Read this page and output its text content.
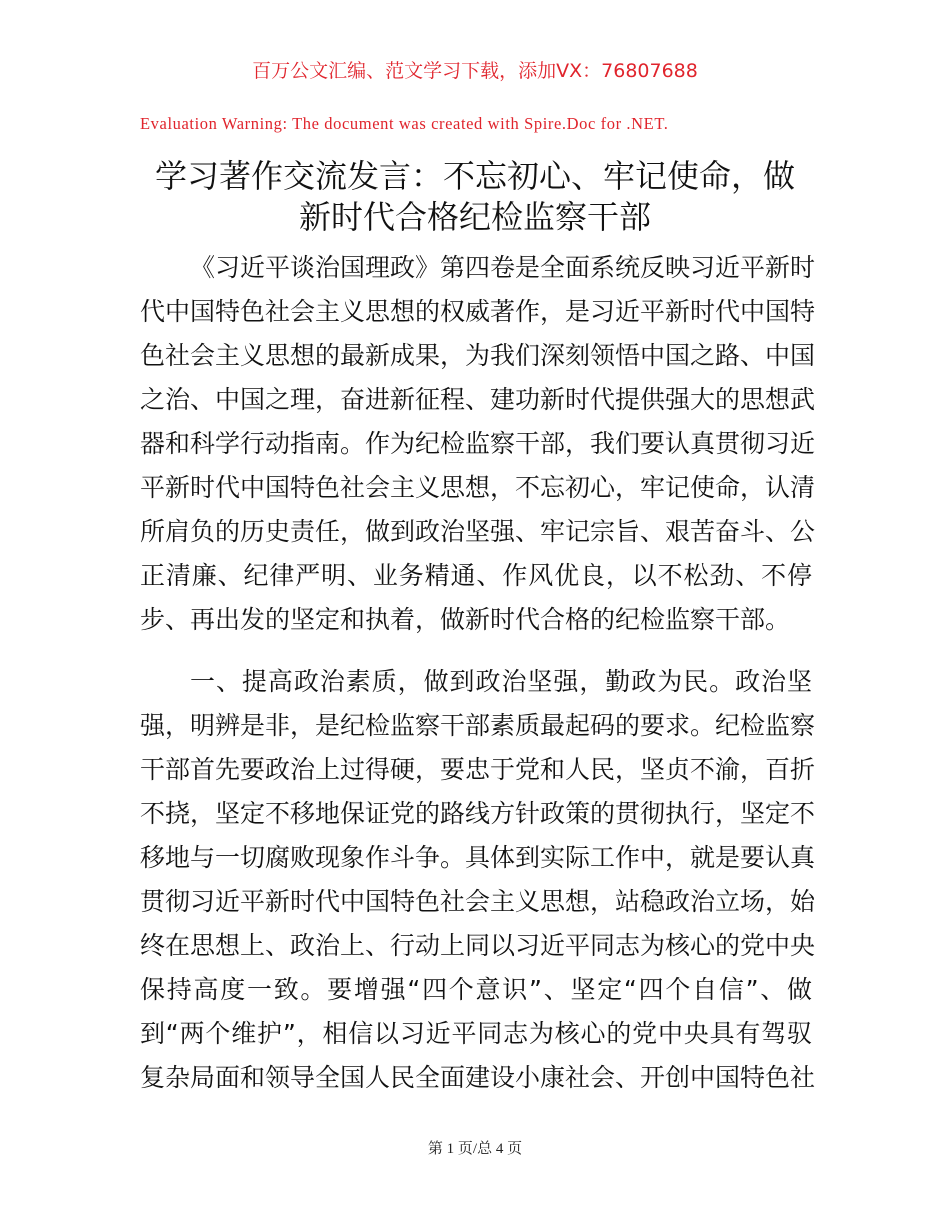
百万公文汇编、范文学习下载，添加VX：76807688
Evaluation Warning: The document was created with Spire.Doc for .NET.
学习著作交流发言：不忘初心、牢记使命，做
新时代合格纪检监察干部
《习近平谈治国理政》第四卷是全面系统反映习近平新时
代中国特色社会主义思想的权威著作，是习近平新时代中国特
色社会主义思想的最新成果，为我们深刻领悟中国之路、中国
之治、中国之理，奋进新征程、建功新时代提供强大的思想武
器和科学行动指南。作为纪检监察干部，我们要认真贯彻习近
平新时代中国特色社会主义思想，不忘初心，牢记使命，认清
所肩负的历史责任，做到政治坚强、牢记宗旨、艰苦奋斗、公
正清廉、纪律严明、业务精通、作风优良，以不松劲、不停
步、再出发的坚定和执着，做新时代合格的纪检监察干部。
一、提高政治素质，做到政治坚强，勤政为民。政治坚
强，明辨是非，是纪检监察干部素质最起码的要求。纪检监察
干部首先要政治上过得硬，要忠于党和人民，坚贞不渝，百折
不挠，坚定不移地保证党的路线方针政策的贯彻执行，坚定不
移地与一切腐败现象作斗争。具体到实际工作中，就是要认真
贯彻习近平新时代中国特色社会主义思想，站稳政治立场，始
终在思想上、政治上、行动上同以习近平同志为核心的党中央
保持高度一致。要增强“四个意识”、坚定“四个自信”、做
到“两个维护”，相信以习近平同志为核心的党中央具有驾驭
复杂局面和领导全国人民全面建设小康社会、开创中国特色社
第 1 页/总 4 页
